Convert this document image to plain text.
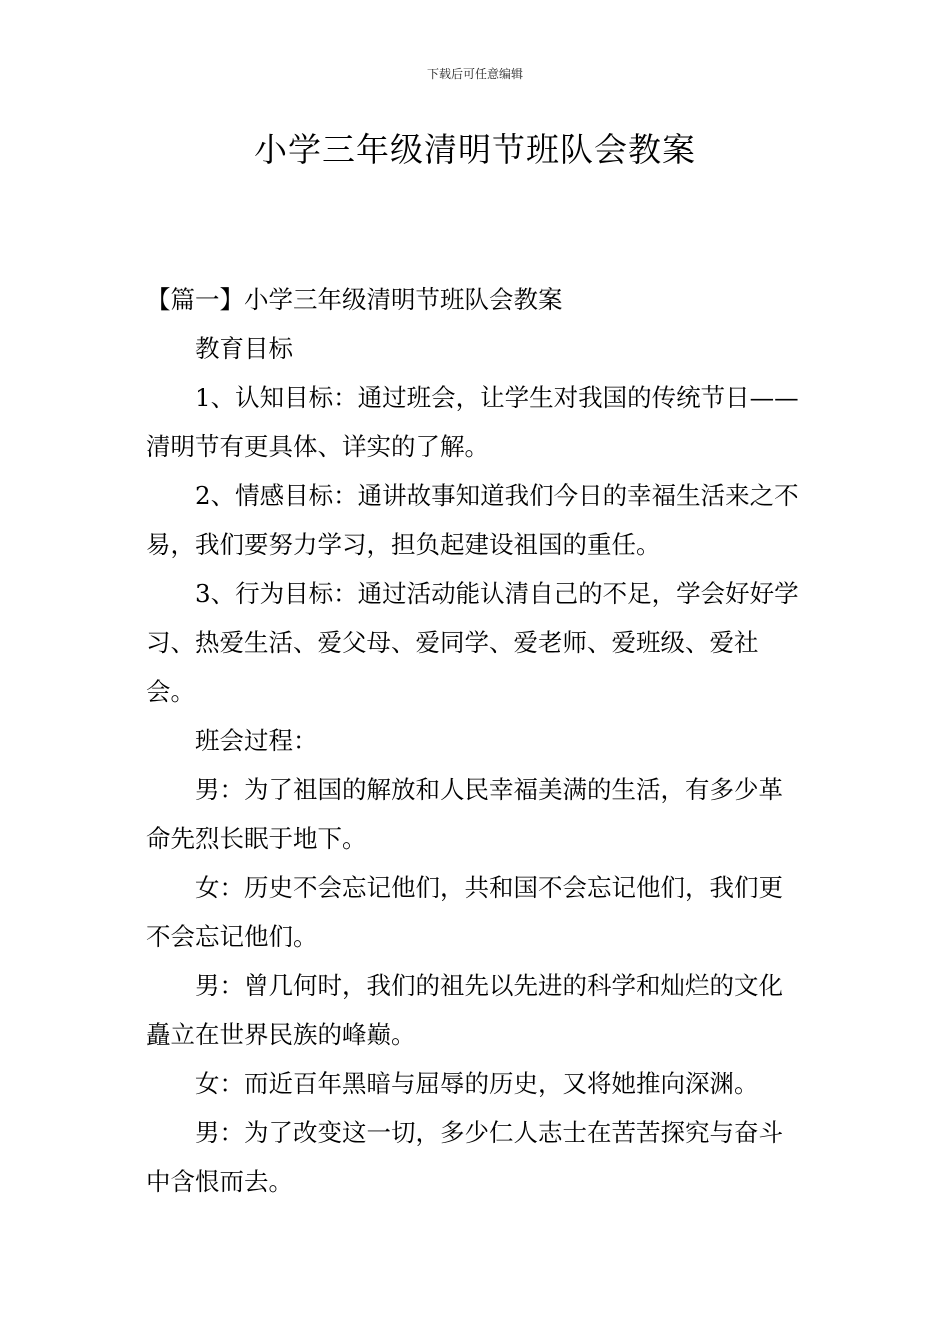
下载后可任意编辑
小学三年级清明节班队会教案

【篇一】小学三年级清明节班队会教案

教育目标

1、认知目标：通过班会，让学生对我国的传统节日——清明节有更具体、详实的了解。

2、情感目标：通讲故事知道我们今日的幸福生活来之不易，我们要努力学习，担负起建设祖国的重任。

3、行为目标：通过活动能认清自己的不足，学会好好学习、热爱生活、爱父母、爱同学、爱老师、爱班级、爱社会。

班会过程：

男：为了祖国的解放和人民幸福美满的生活，有多少革命先烈长眠于地下。

女：历史不会忘记他们，共和国不会忘记他们，我们更不会忘记他们。

男：曾几何时，我们的祖先以先进的科学和灿烂的文化矗立在世界民族的峰巅。

女：而近百年黑暗与屈辱的历史，又将她推向深渊。

男：为了改变这一切，多少仁人志士在苦苦探究与奋斗中含恨而去。
